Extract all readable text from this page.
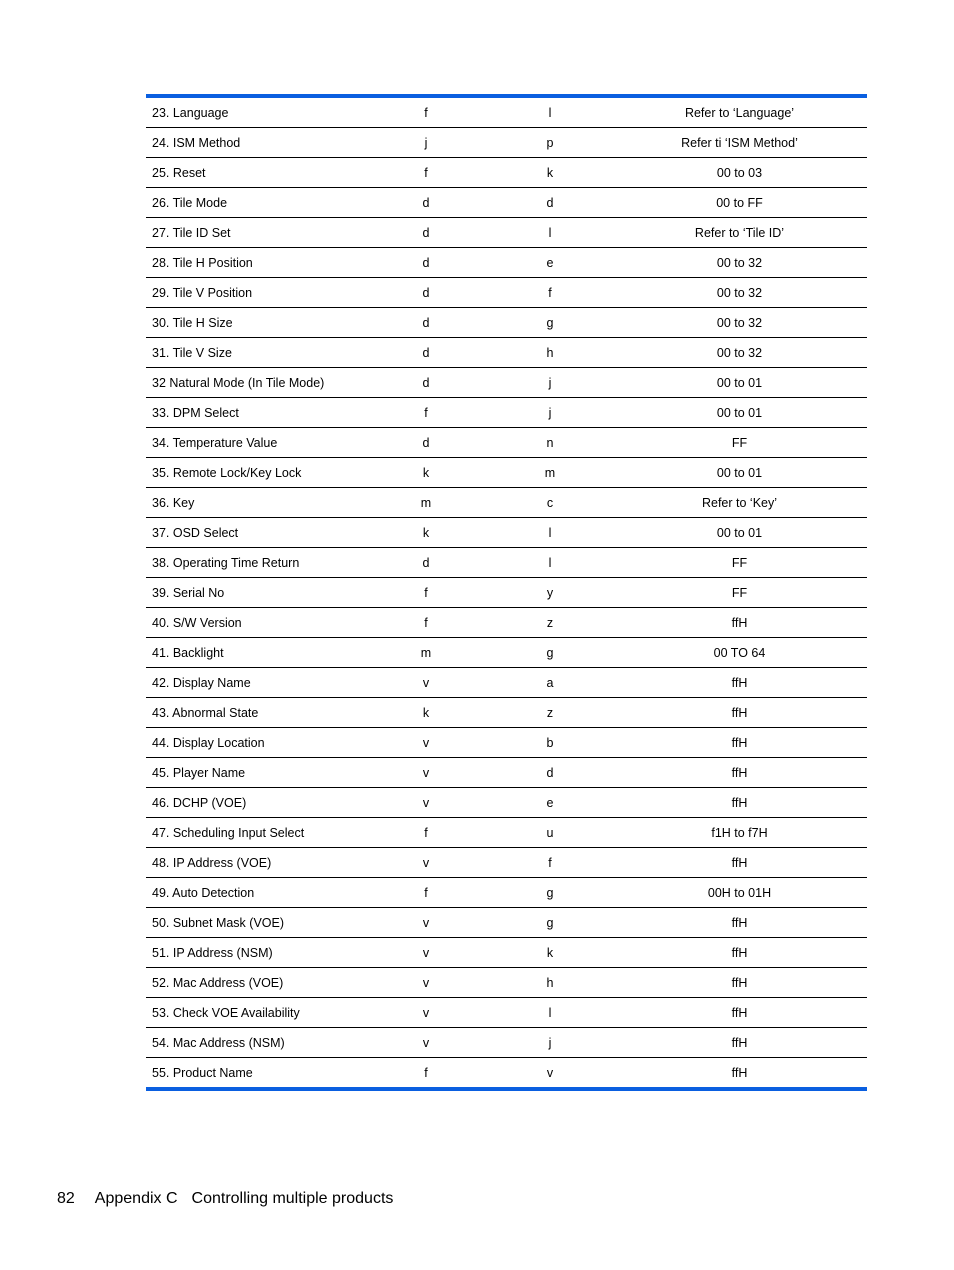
23. Language	f	l	Refer to ‘Language’
24. ISM Method	j	p	Refer ti ‘ISM Method’
25. Reset	f	k	00 to 03
26. Tile Mode	d	d	00 to FF
27. Tile ID Set	d	l	Refer to ‘Tile ID’
28. Tile H Position	d	e	00 to 32
29. Tile V Position	d	f	00 to 32
30. Tile H Size	d	g	00 to 32
31. Tile V Size	d	h	00 to 32
32 Natural Mode (In Tile Mode)	d	j	00 to 01
33. DPM Select	f	j	00 to 01
34. Temperature Value	d	n	FF
35. Remote Lock/Key Lock	k	m	00 to 01
36. Key	m	c	Refer to ‘Key’
37. OSD Select	k	l	00 to 01
38. Operating Time Return	d	l	FF
39. Serial No	f	y	FF
40. S/W Version	f	z	ffH
41. Backlight	m	g	00 TO 64
42. Display Name	v	a	ffH
43. Abnormal State	k	z	ffH
44. Display Location	v	b	ffH
45. Player Name	v	d	ffH
46. DCHP (VOE)	v	e	ffH
47. Scheduling Input Select	f	u	f1H to f7H
48. IP Address (VOE)	v	f	ffH
49. Auto Detection	f	g	00H to 01H
50. Subnet Mask (VOE)	v	g	ffH
51. IP Address (NSM)	v	k	ffH
52. Mac Address (VOE)	v	h	ffH
53. Check VOE Availability	v	l	ffH
54. Mac Address (NSM)	v	j	ffH
55. Product Name	f	v	ffH
82 Appendix C Controlling multiple products
